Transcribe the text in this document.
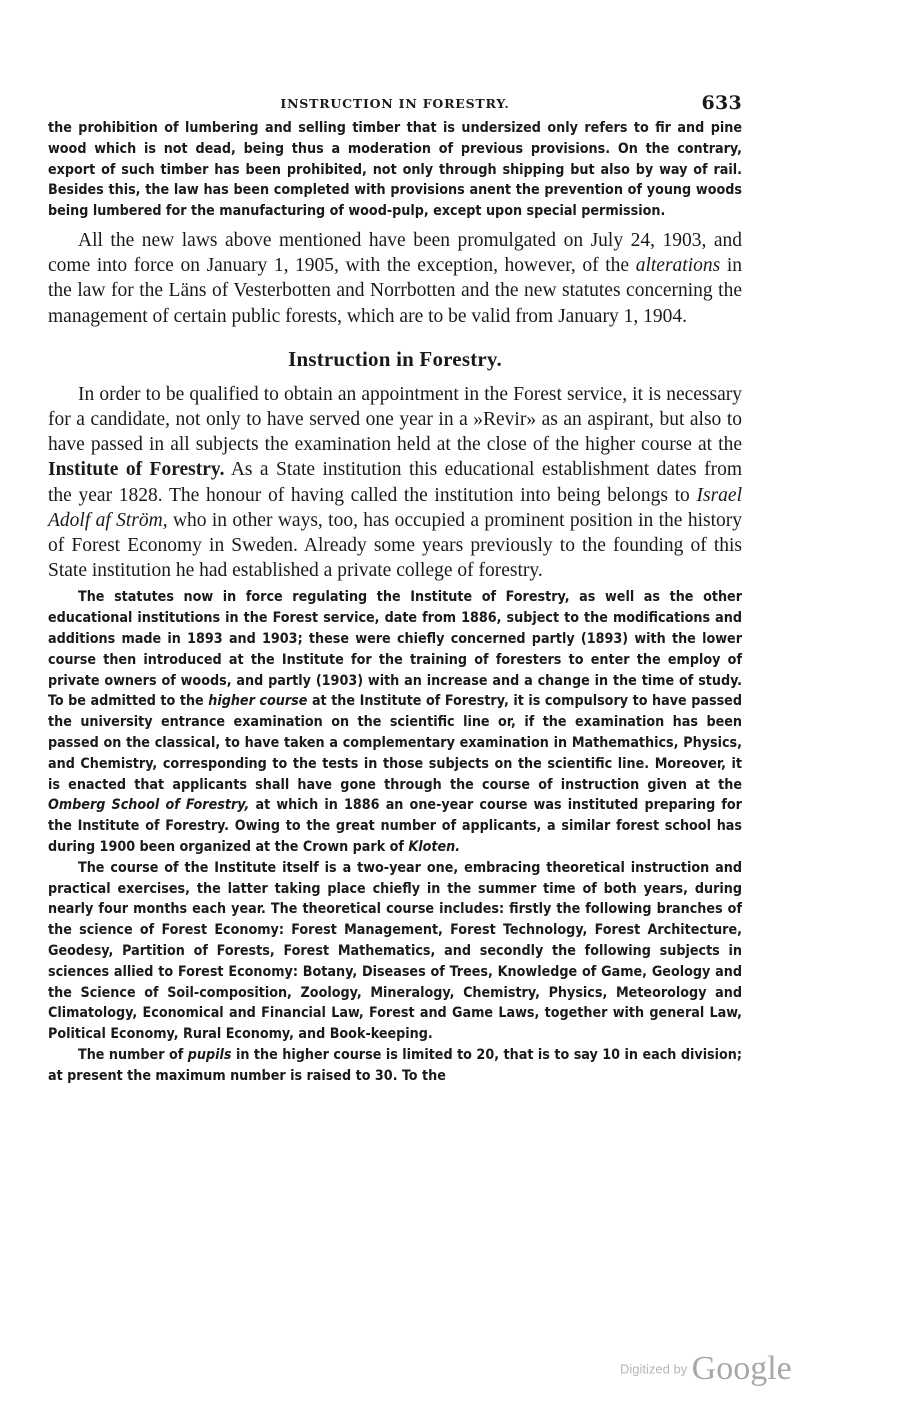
INSTRUCTION IN FORESTRY.	633

the prohibition of lumbering and selling timber that is undersized only refers to fir and pine wood which is not dead, being thus a moderation of previous provisions. On the contrary, export of such timber has been prohibited, not only through shipping but also by way of rail. Besides this, the law has been completed with provisions anent the prevention of young woods being lumbered for the manufacturing of wood-pulp, except upon special permission.

All the new laws above mentioned have been promulgated on July 24, 1903, and come into force on January 1, 1905, with the exception, however, of the alterations in the law for the Läns of Vesterbotten and Norrbotten and the new statutes concerning the management of certain public forests, which are to be valid from January 1, 1904.

Instruction in Forestry.

In order to be qualified to obtain an appointment in the Forest service, it is necessary for a candidate, not only to have served one year in a »Revir» as an aspirant, but also to have passed in all subjects the examination held at the close of the higher course at the Institute of Forestry. As a State institution this educational establishment dates from the year 1828. The honour of having called the institution into being belongs to Israel Adolf af Ström, who in other ways, too, has occupied a prominent position in the history of Forest Economy in Sweden. Already some years previously to the founding of this State institution he had established a private college of forestry.

The statutes now in force regulating the Institute of Forestry, as well as the other educational institutions in the Forest service, date from 1886, subject to the modifications and additions made in 1893 and 1903; these were chiefly concerned partly (1893) with the lower course then introduced at the Institute for the training of foresters to enter the employ of private owners of woods, and partly (1903) with an increase and a change in the time of study. To be admitted to the higher course at the Institute of Forestry, it is compulsory to have passed the university entrance examination on the scientific line or, if the examination has been passed on the classical, to have taken a complementary examination in Mathemathics, Physics, and Chemistry, corresponding to the tests in those subjects on the scientific line. Moreover, it is enacted that applicants shall have gone through the course of instruction given at the Omberg School of Forestry, at which in 1886 an one-year course was instituted preparing for the Institute of Forestry. Owing to the great number of applicants, a similar forest school has during 1900 been organized at the Crown park of Kloten.

The course of the Institute itself is a two-year one, embracing theoretical instruction and practical exercises, the latter taking place chiefly in the summer time of both years, during nearly four months each year. The theoretical course includes: firstly the following branches of the science of Forest Economy: Forest Management, Forest Technology, Forest Architecture, Geodesy, Partition of Forests, Forest Mathematics, and secondly the following subjects in sciences allied to Forest Economy: Botany, Diseases of Trees, Knowledge of Game, Geology and the Science of Soil-composition, Zoology, Mineralogy, Chemistry, Physics, Meteorology and Climatology, Economical and Financial Law, Forest and Game Laws, together with general Law, Political Economy, Rural Economy, and Book-keeping.

The number of pupils in the higher course is limited to 20, that is to say 10 in each division; at present the maximum number is raised to 30. To the

Digitized by Google
